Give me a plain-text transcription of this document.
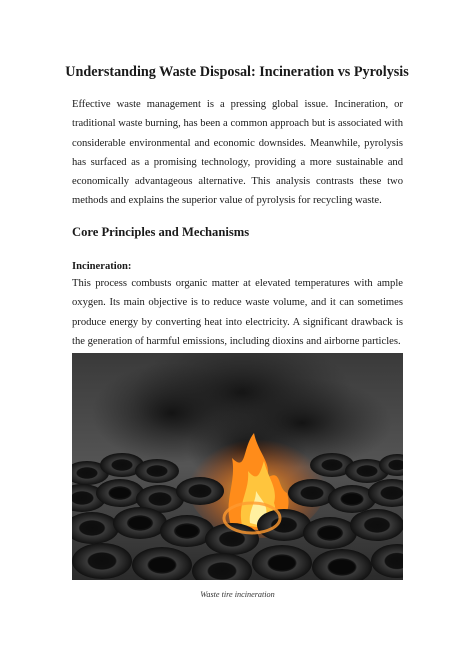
Understanding Waste Disposal: Incineration vs Pyrolysis

Effective waste management is a pressing global issue. Incineration, or traditional waste burning, has been a common approach but is associated with considerable environmental and economic downsides. Meanwhile, pyrolysis has surfaced as a promising technology, providing a more sustainable and economically advantageous alternative. This analysis contrasts these two methods and explains the superior value of pyrolysis for recycling waste.

Core Principles and Mechanisms
Incineration:

This process combusts organic matter at elevated temperatures with ample oxygen. Its main objective is to reduce waste volume, and it can sometimes produce energy by converting heat into electricity. A significant drawback is the generation of harmful emissions, including dioxins and airborne particles.

Waste tire incineration
